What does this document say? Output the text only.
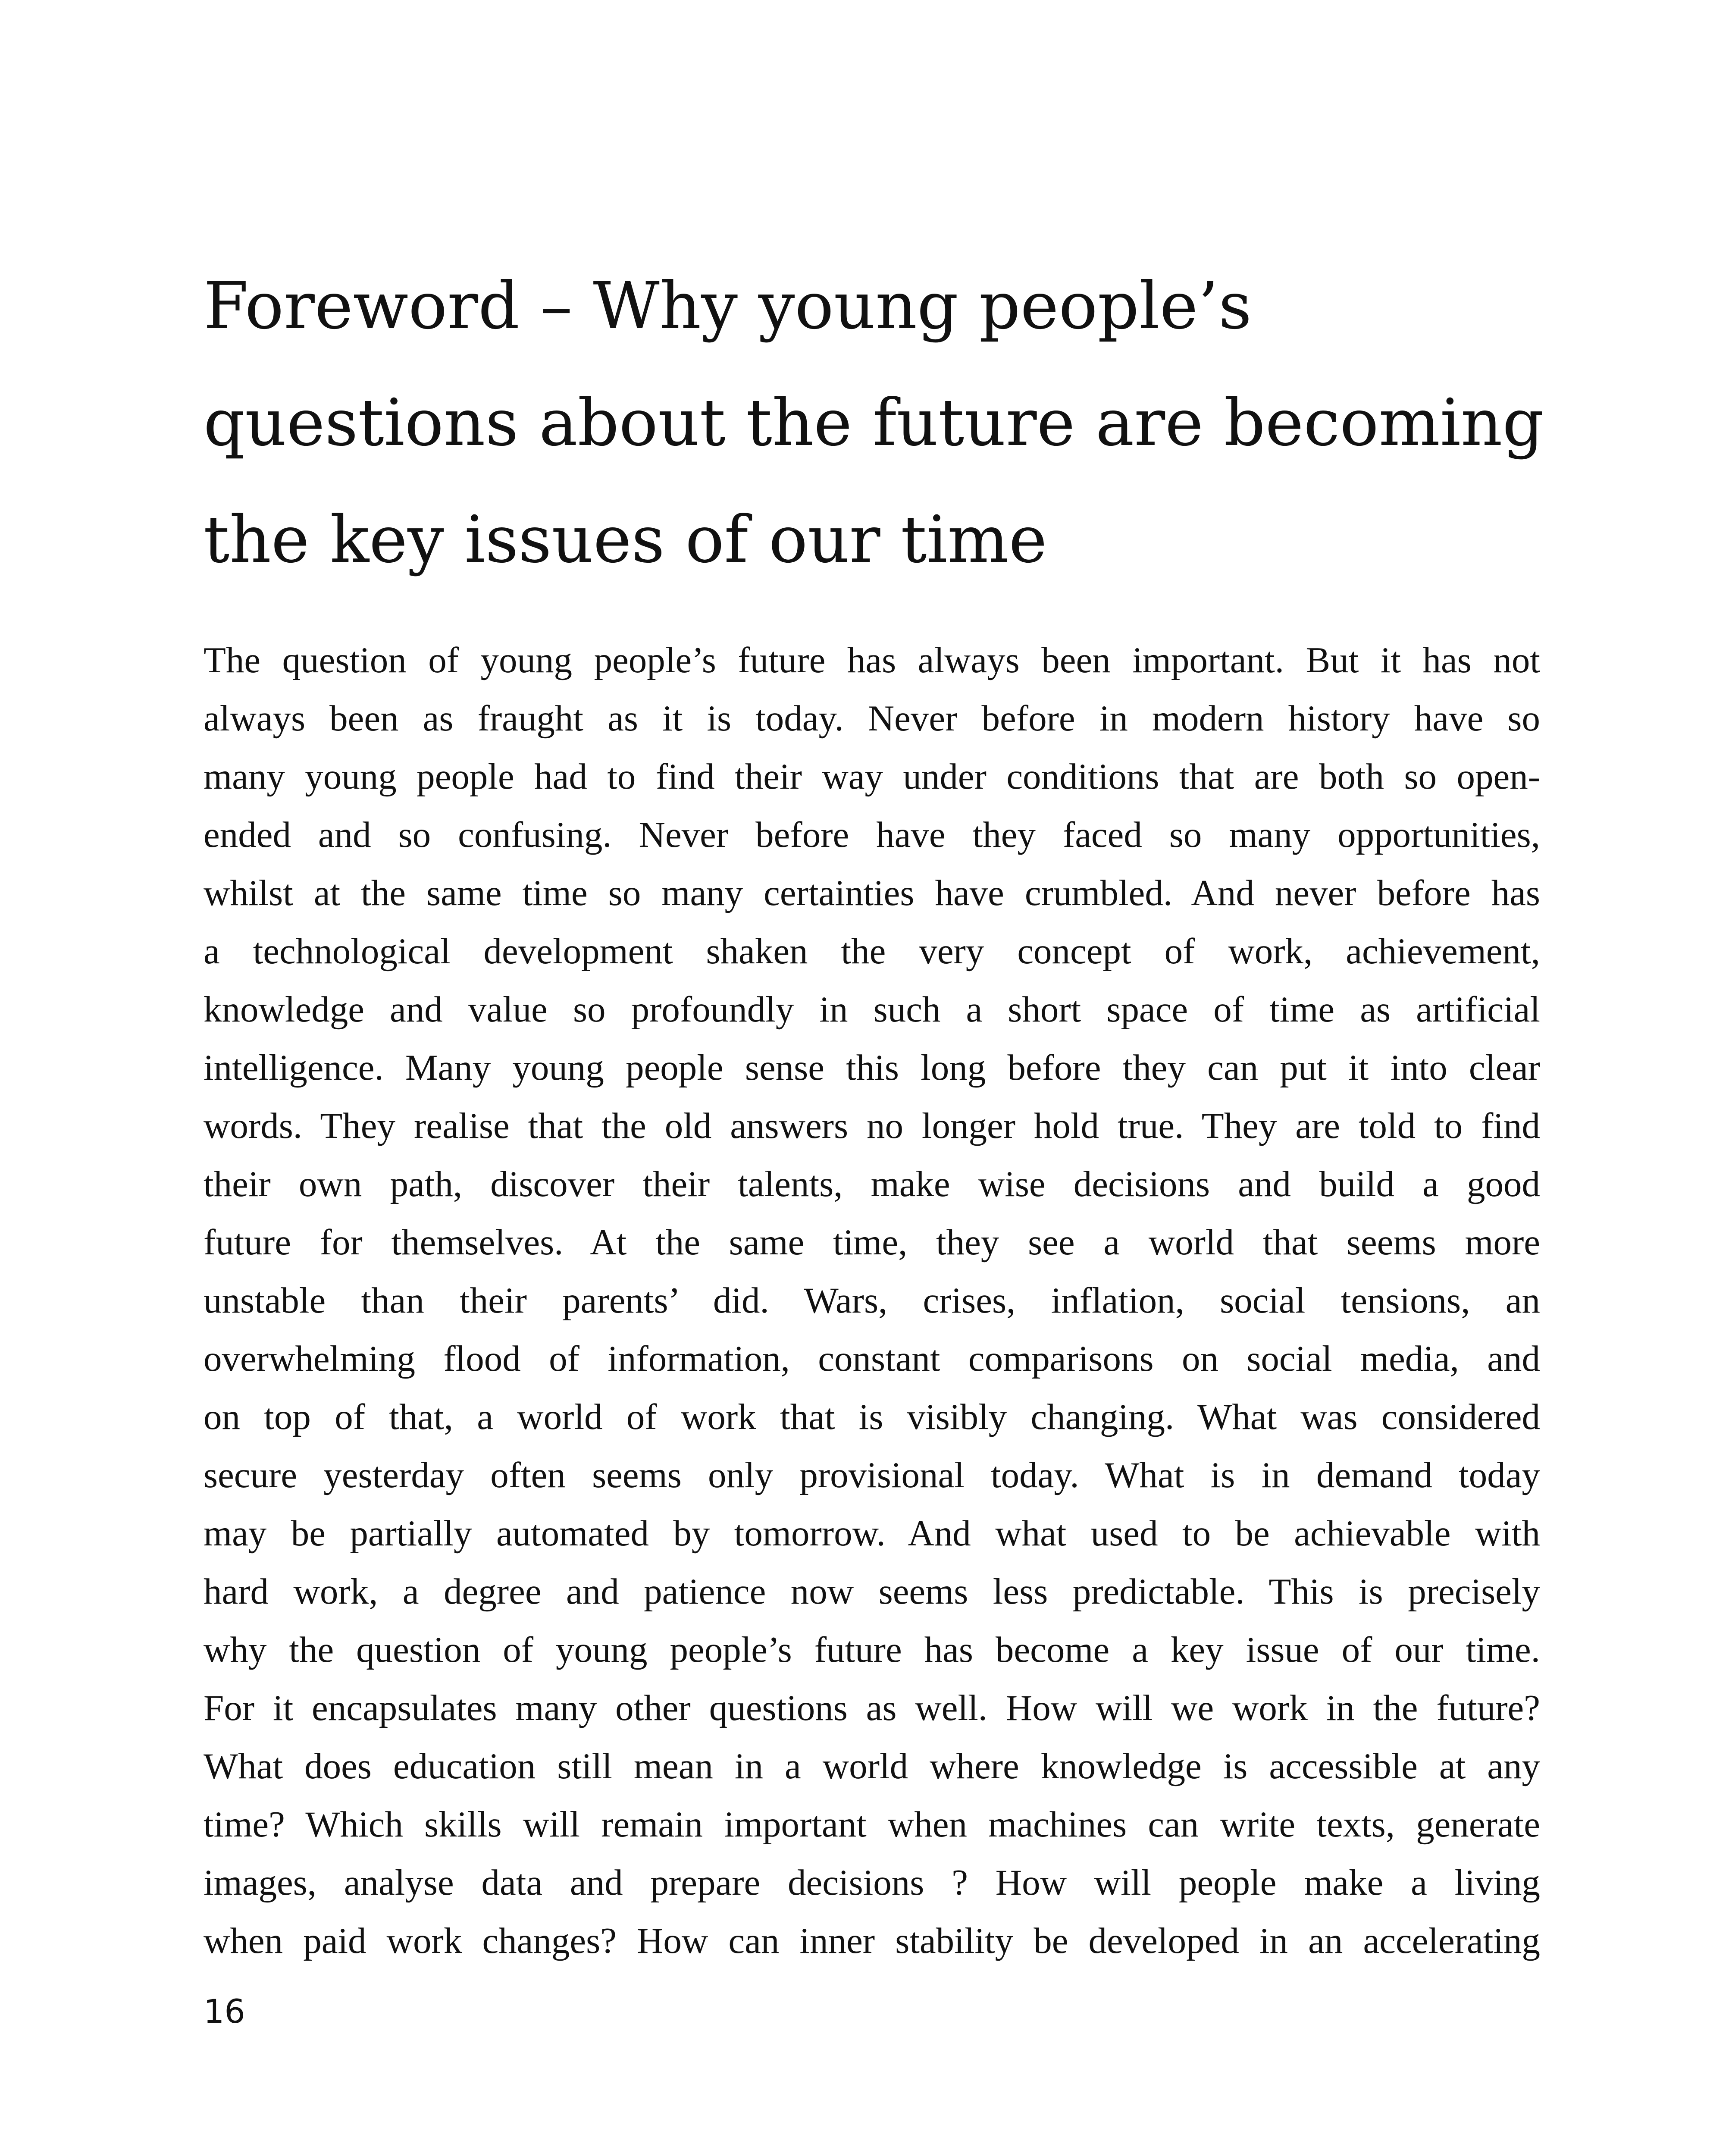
Foreword – Why young people’s
questions about the future are becoming
the key issues of our time
The question of young people’s future has always been important. But it has not
always been as fraught as it is today. Never before in modern history have so
many young people had to find their way under conditions that are both so open-
ended and so confusing. Never before have they faced so many opportunities,
whilst at the same time so many certainties have crumbled. And never before has
a technological development shaken the very concept of work, achievement,
knowledge and value so profoundly in such a short space of time as artificial
intelligence. Many young people sense this long before they can put it into clear
words. They realise that the old answers no longer hold true. They are told to find
their own path, discover their talents, make wise decisions and build a good
future for themselves. At the same time, they see a world that seems more
unstable than their parents’ did. Wars, crises, inflation, social tensions, an
overwhelming flood of information, constant comparisons on social media, and
on top of that, a world of work that is visibly changing. What was considered
secure yesterday often seems only provisional today. What is in demand today
may be partially automated by tomorrow. And what used to be achievable with
hard work, a degree and patience now seems less predictable. This is precisely
why the question of young people’s future has become a key issue of our time.
For it encapsulates many other questions as well. How will we work in the future?
What does education still mean in a world where knowledge is accessible at any
time? Which skills will remain important when machines can write texts, generate
images, analyse data and prepare decisions ? How will people make a living
when paid work changes? How can inner stability be developed in an accelerating
16
